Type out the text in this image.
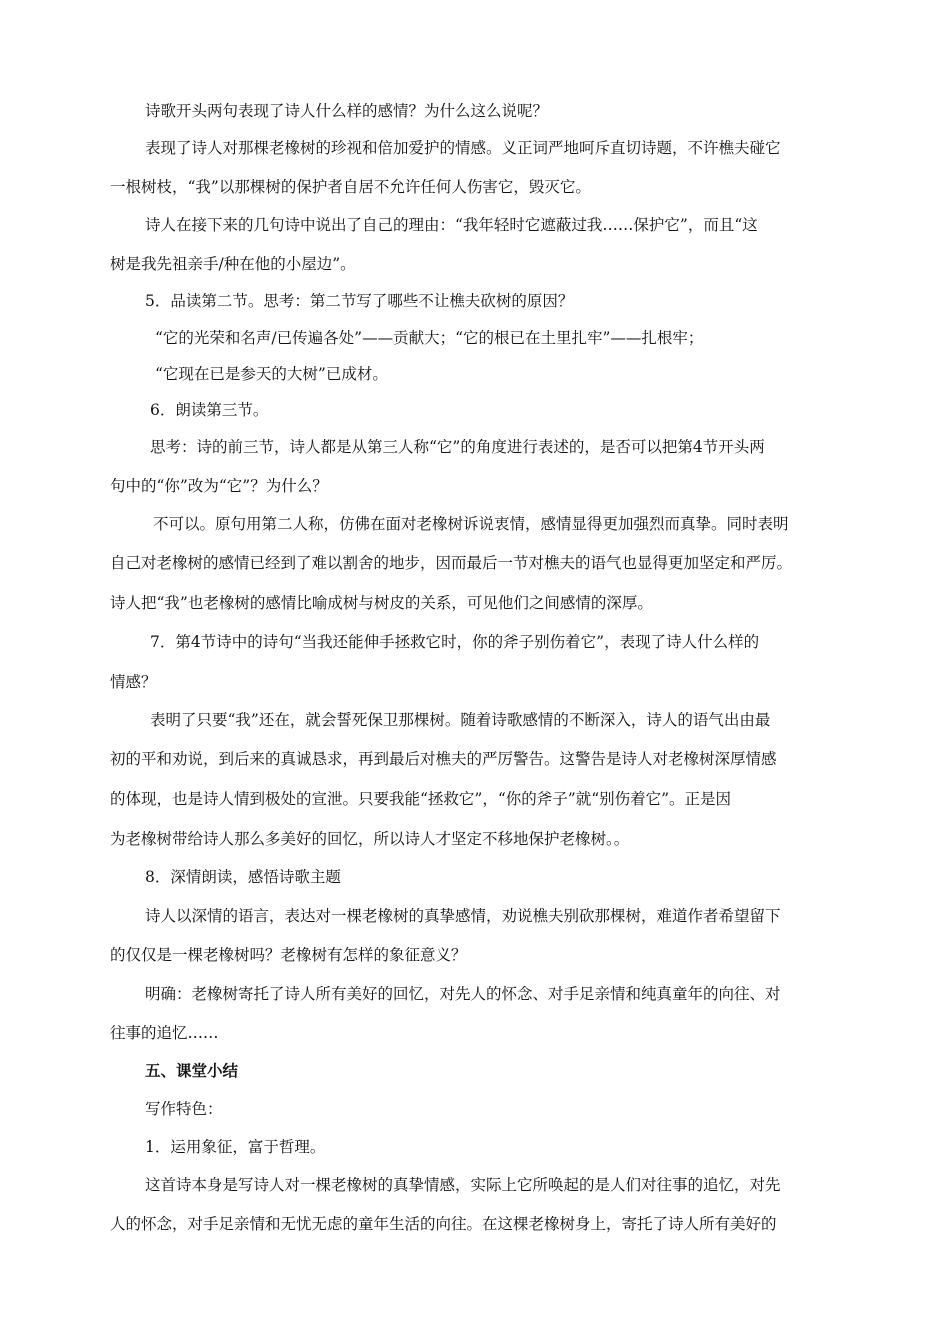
诗歌开头两句表现了诗人什么样的感情？为什么这么说呢？
表现了诗人对那棵老橡树的珍视和倍加爱护的情感。义正词严地呵斥直切诗题，不许樵夫碰它
一根树枝，“我”以那棵树的保护者自居不允许任何人伤害它，毁灭它。
诗人在接下来的几句诗中说出了自己的理由：“我年轻时它遮蔽过我……保护它”，而且“这
树是我先祖亲手/种在他的小屋边”。
5．品读第二节。思考：第二节写了哪些不让樵夫砍树的原因？
“它的光荣和名声/已传遍各处”——贡献大；“它的根已在土里扎牢”——扎根牢；
“它现在已是参天的大树”已成材。
6．朗读第三节。
思考：诗的前三节，诗人都是从第三人称“它”的角度进行表述的，是否可以把第4节开头两
句中的“你”改为“它”？为什么？
不可以。原句用第二人称，仿佛在面对老橡树诉说衷情，感情显得更加强烈而真挚。同时表明
自己对老橡树的感情已经到了难以割舍的地步，因而最后一节对樵夫的语气也显得更加坚定和严厉。
诗人把“我”也老橡树的感情比喻成树与树皮的关系，可见他们之间感情的深厚。
7．第4节诗中的诗句“当我还能伸手拯救它时，你的斧子别伤着它”，表现了诗人什么样的
情感？
表明了只要“我”还在，就会誓死保卫那棵树。随着诗歌感情的不断深入，诗人的语气出由最
初的平和劝说，到后来的真诚恳求，再到最后对樵夫的严厉警告。这警告是诗人对老橡树深厚情感
的体现，也是诗人情到极处的宣泄。只要我能“拯救它”，“你的斧子”就“别伤着它”。正是因
为老橡树带给诗人那么多美好的回忆，所以诗人才坚定不移地保护老橡树。。
8．深情朗读，感悟诗歌主题
诗人以深情的语言，表达对一棵老橡树的真挚感情，劝说樵夫别砍那棵树，难道作者希望留下
的仅仅是一棵老橡树吗？老橡树有怎样的象征意义？
明确：老橡树寄托了诗人所有美好的回忆，对先人的怀念、对手足亲情和纯真童年的向往、对
往事的追忆……
五、课堂小结
写作特色：
1．运用象征，富于哲理。
这首诗本身是写诗人对一棵老橡树的真挚情感，实际上它所唤起的是人们对往事的追忆，对先
人的怀念，对手足亲情和无忧无虑的童年生活的向往。在这棵老橡树身上，寄托了诗人所有美好的
